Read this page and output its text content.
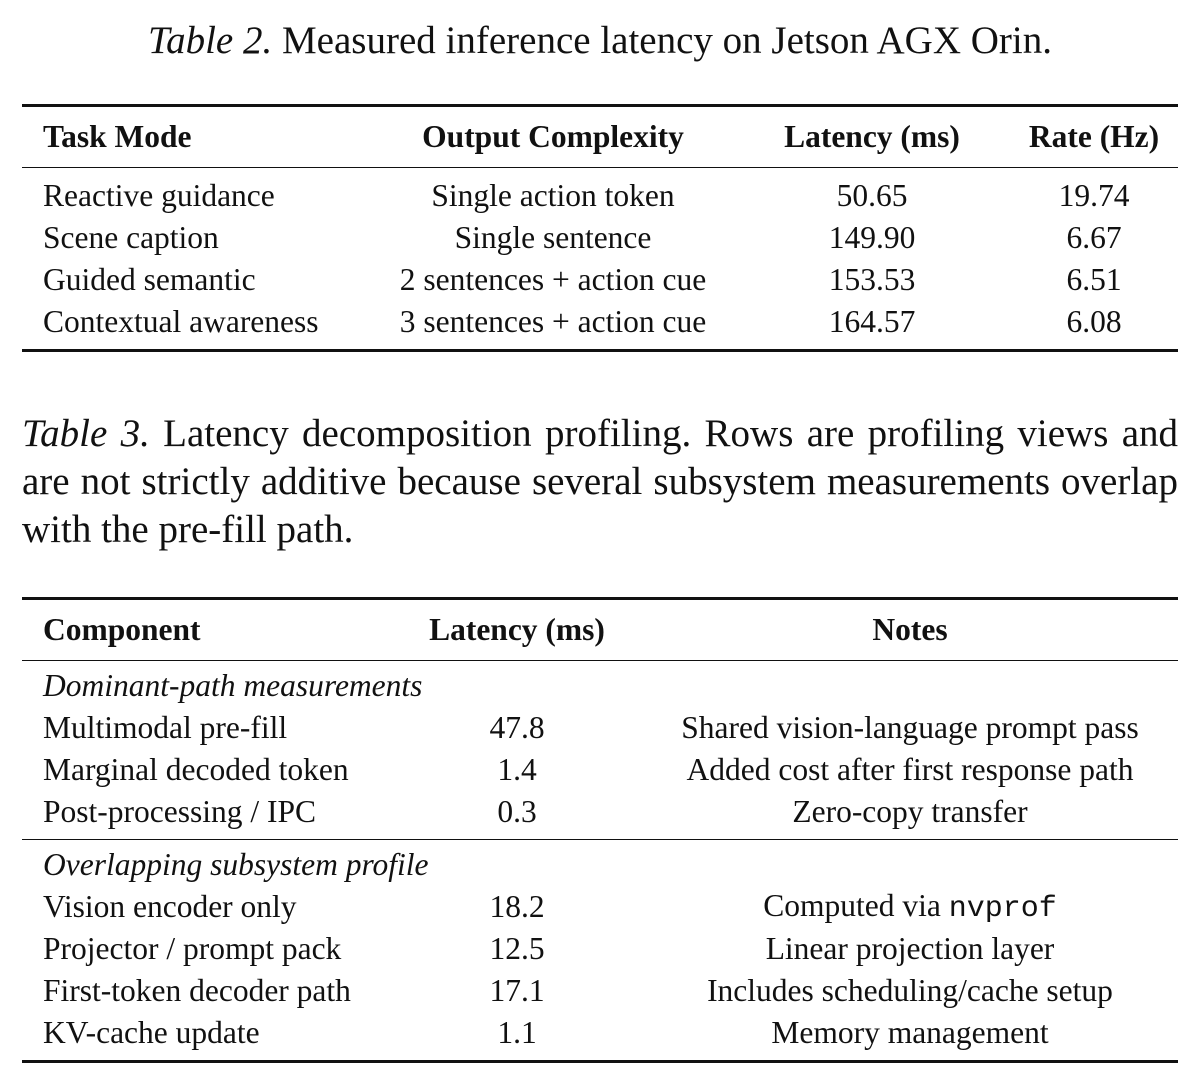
Table 2. Measured inference latency on Jetson AGX Orin.
Task Mode	Output Complexity	Latency (ms)	Rate (Hz)
Reactive guidance	Single action token	50.65	19.74
Scene caption	Single sentence	149.90	6.67
Guided semantic	2 sentences + action cue	153.53	6.51
Contextual awareness	3 sentences + action cue	164.57	6.08
Table 3. Latency decomposition profiling. Rows are profiling views and are not strictly additive because several subsystem measurements overlap with the pre-fill path.
Component	Latency (ms)	Notes
Dominant-path measurements		
Multimodal pre-fill	47.8	Shared vision-language prompt pass
Marginal decoded token	1.4	Added cost after first response path
Post-processing / IPC	0.3	Zero-copy transfer
Overlapping subsystem profile		
Vision encoder only	18.2	Computed via nvprof
Projector / prompt pack	12.5	Linear projection layer
First-token decoder path	17.1	Includes scheduling/cache setup
KV-cache update	1.1	Memory management
